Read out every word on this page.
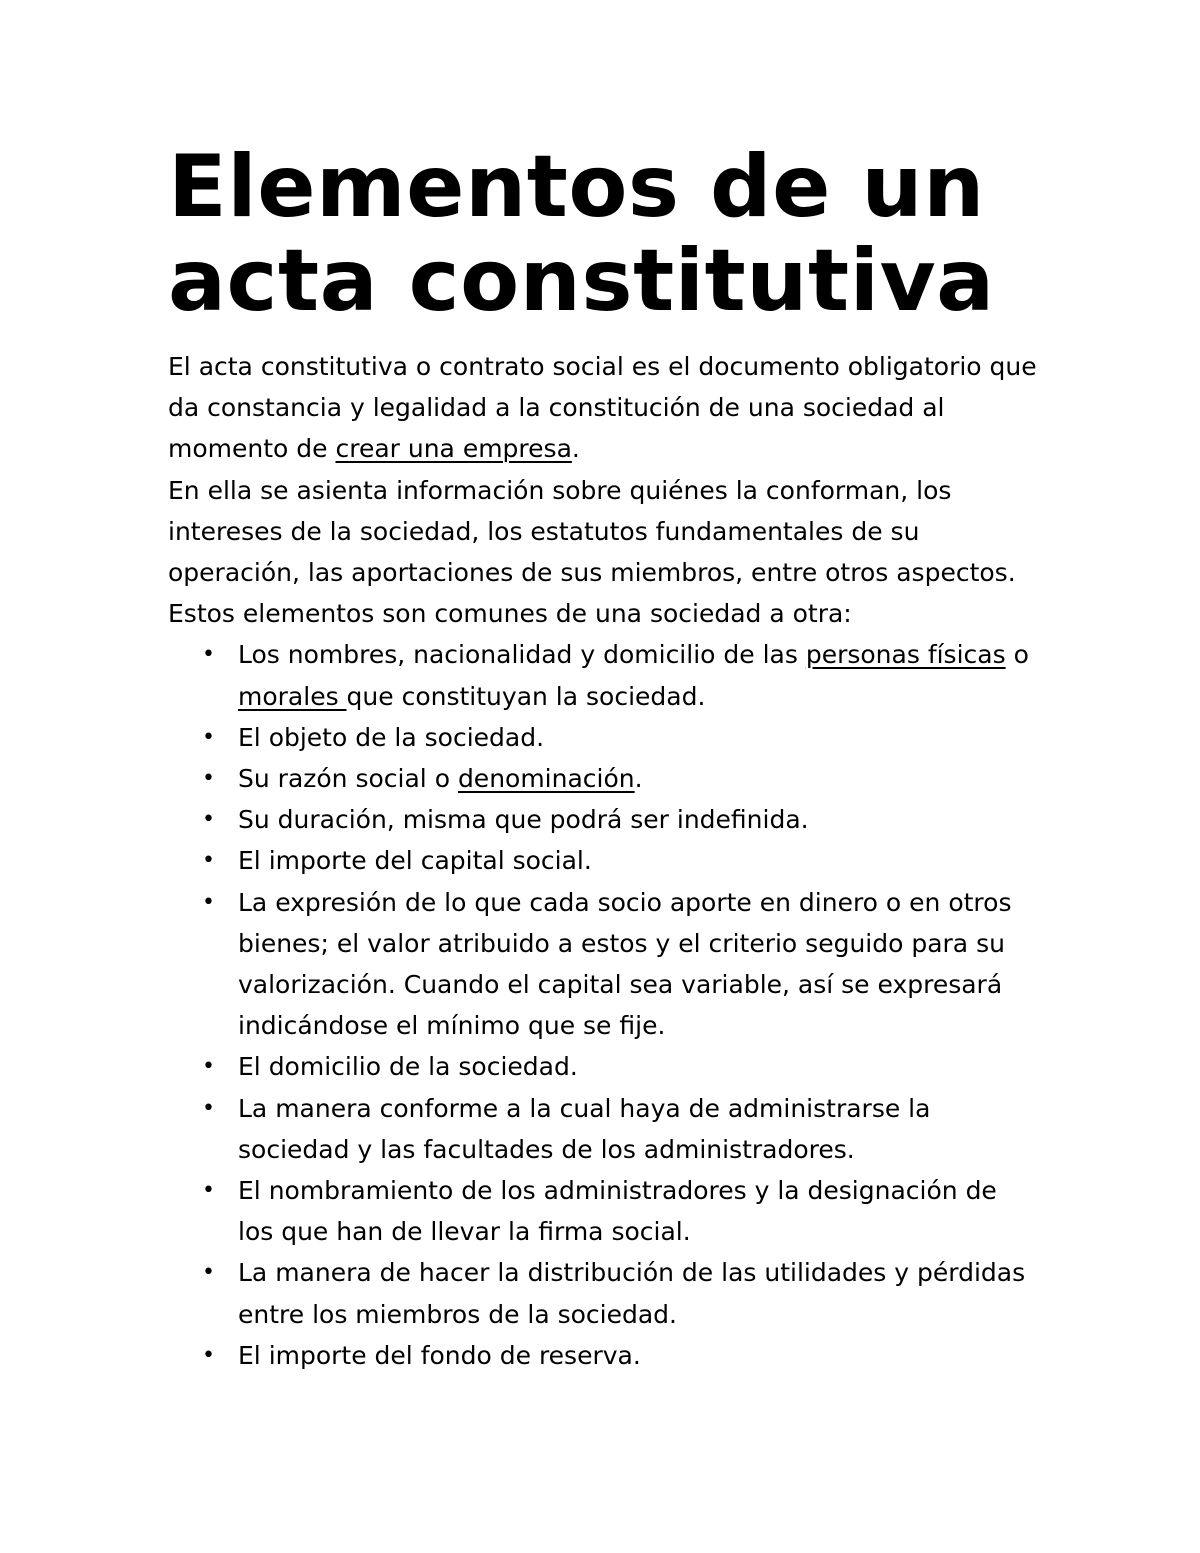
Elementos de un acta constitutiva

El acta constitutiva o contrato social es el documento obligatorio que da constancia y legalidad a la constitución de una sociedad al momento de crear una empresa.

En ella se asienta información sobre quiénes la conforman, los intereses de la sociedad, los estatutos fundamentales de su operación, las aportaciones de sus miembros, entre otros aspectos.

Estos elementos son comunes de una sociedad a otra:

• Los nombres, nacionalidad y domicilio de las personas físicas o morales que constituyan la sociedad.
• El objeto de la sociedad.
• Su razón social o denominación.
• Su duración, misma que podrá ser indefinida.
• El importe del capital social.
• La expresión de lo que cada socio aporte en dinero o en otros bienes; el valor atribuido a estos y el criterio seguido para su valorización. Cuando el capital sea variable, así se expresará indicándose el mínimo que se fije.
• El domicilio de la sociedad.
• La manera conforme a la cual haya de administrarse la sociedad y las facultades de los administradores.
• El nombramiento de los administradores y la designación de los que han de llevar la firma social.
• La manera de hacer la distribución de las utilidades y pérdidas entre los miembros de la sociedad.
• El importe del fondo de reserva.
